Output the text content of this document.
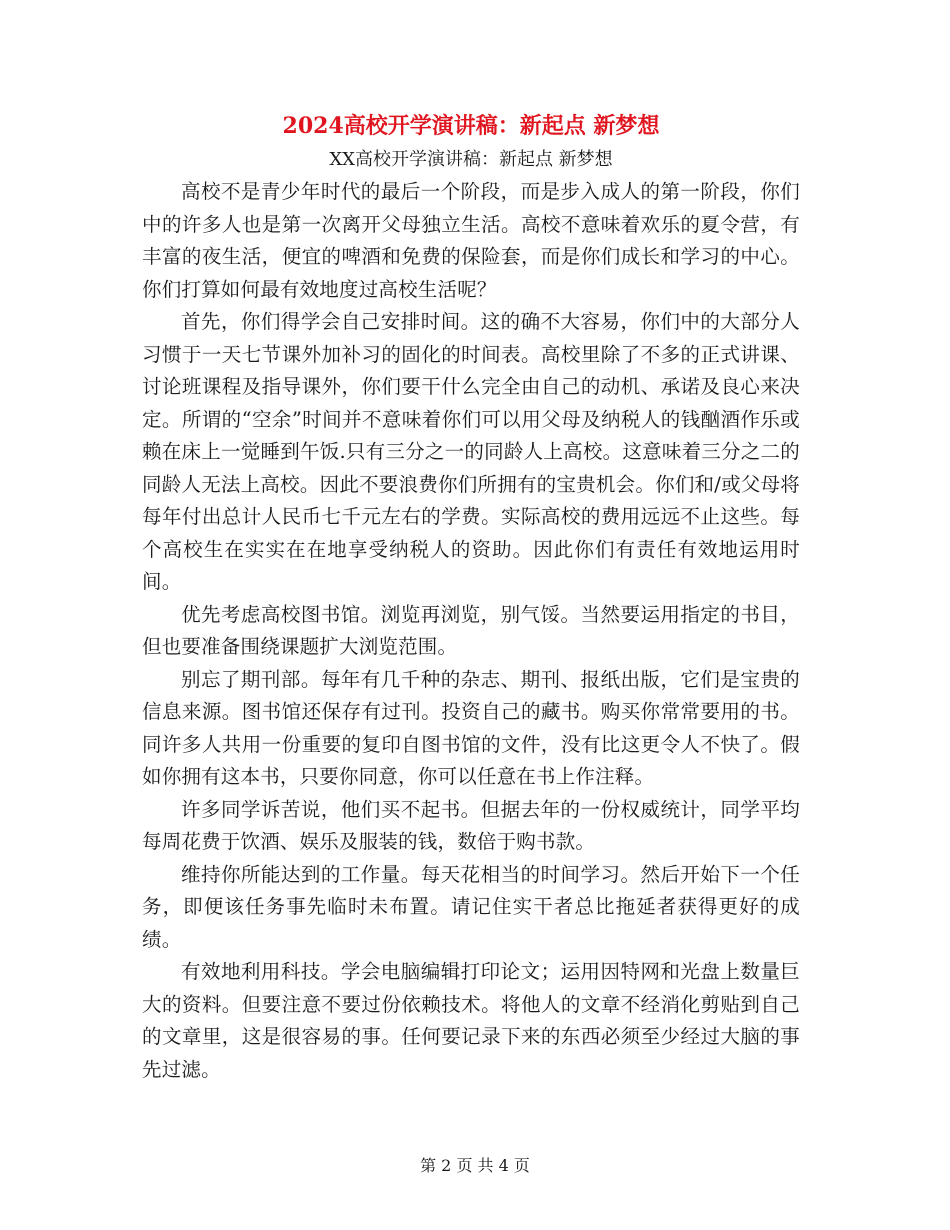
2024高校开学演讲稿：新起点 新梦想

XX高校开学演讲稿：新起点 新梦想

高校不是青少年时代的最后一个阶段，而是步入成人的第一阶段，你们中的许多人也是第一次离开父母独立生活。高校不意味着欢乐的夏令营，有丰富的夜生活，便宜的啤酒和免费的保险套，而是你们成长和学习的中心。你们打算如何最有效地度过高校生活呢？

首先，你们得学会自己安排时间。这的确不大容易，你们中的大部分人习惯于一天七节课外加补习的固化的时间表。高校里除了不多的正式讲课、讨论班课程及指导课外，你们要干什么完全由自己的动机、承诺及良心来决定。所谓的“空余”时间并不意味着你们可以用父母及纳税人的钱酗酒作乐或赖在床上一觉睡到午饭.只有三分之一的同龄人上高校。这意味着三分之二的同龄人无法上高校。因此不要浪费你们所拥有的宝贵机会。你们和/或父母将每年付出总计人民币七千元左右的学费。实际高校的费用远远不止这些。每个高校生在实实在在地享受纳税人的资助。因此你们有责任有效地运用时间。

优先考虑高校图书馆。浏览再浏览，别气馁。当然要运用指定的书目，但也要准备围绕课题扩大浏览范围。

别忘了期刊部。每年有几千种的杂志、期刊、报纸出版，它们是宝贵的信息来源。图书馆还保存有过刊。投资自己的藏书。购买你常常要用的书。同许多人共用一份重要的复印自图书馆的文件，没有比这更令人不快了。假如你拥有这本书，只要你同意，你可以任意在书上作注释。

许多同学诉苦说，他们买不起书。但据去年的一份权威统计，同学平均每周花费于饮酒、娱乐及服装的钱，数倍于购书款。

维持你所能达到的工作量。每天花相当的时间学习。然后开始下一个任务，即便该任务事先临时未布置。请记住实干者总比拖延者获得更好的成绩。

有效地利用科技。学会电脑编辑打印论文；运用因特网和光盘上数量巨大的资料。但要注意不要过份依赖技术。将他人的文章不经消化剪贴到自己的文章里，这是很容易的事。任何要记录下来的东西必须至少经过大脑的事先过滤。

第 2 页 共 4 页
